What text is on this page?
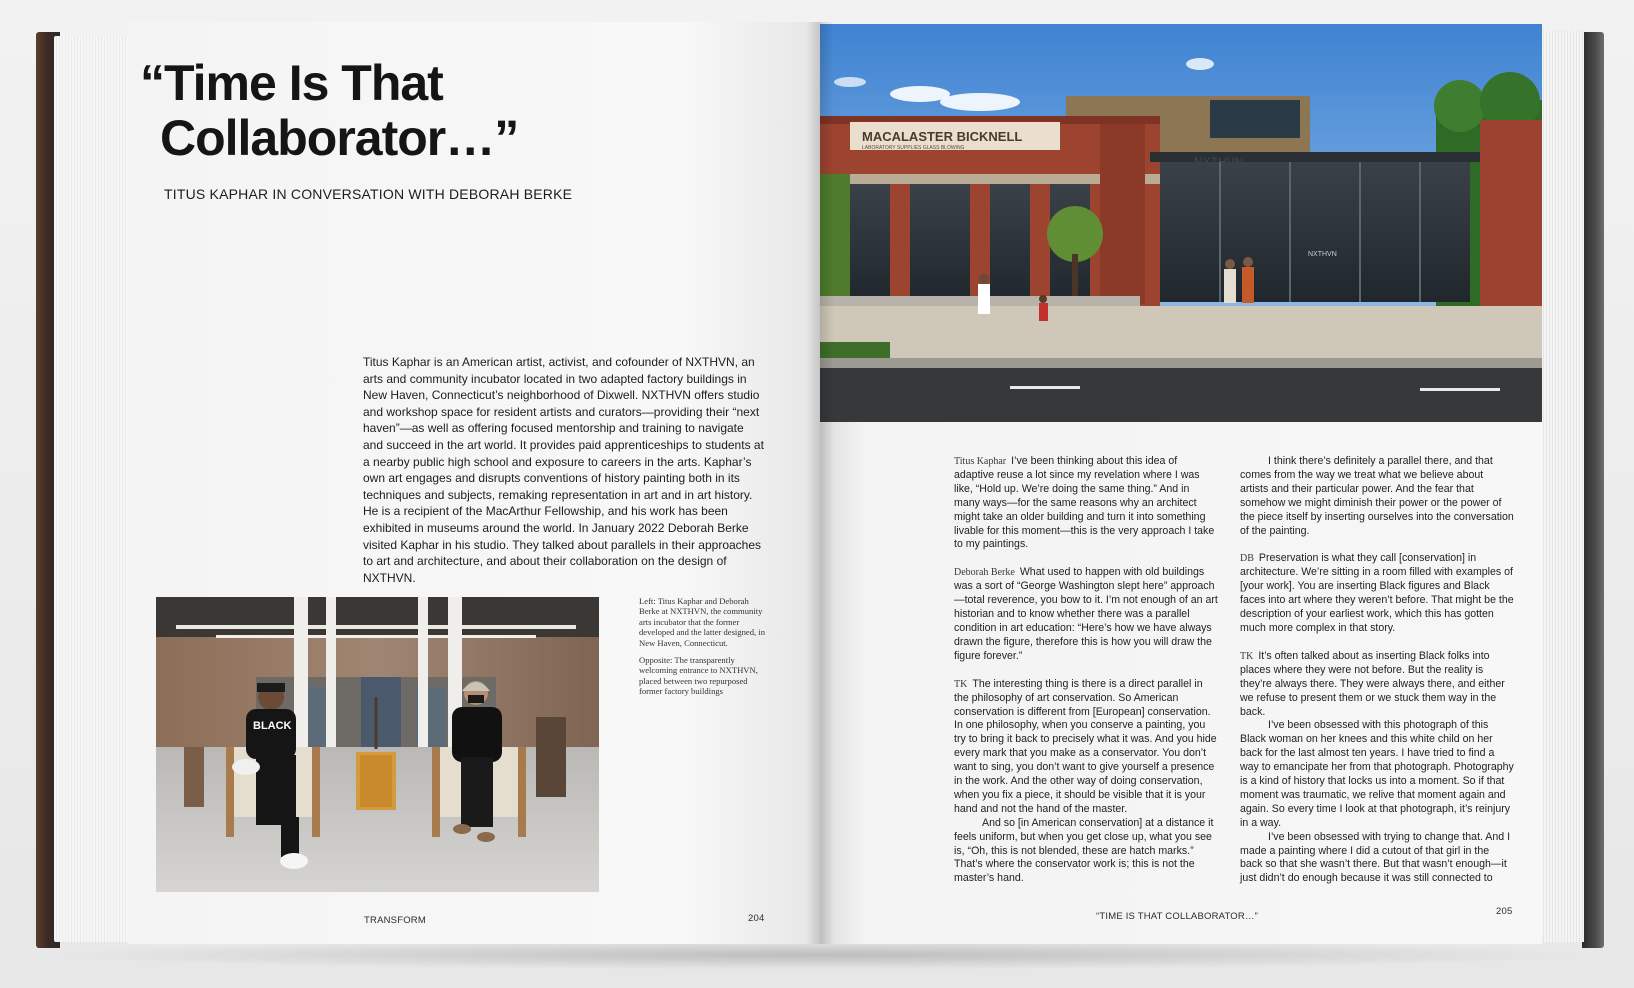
“Time Is That
Collaborator…”
TITUS KAPHAR IN CONVERSATION WITH DEBORAH BERKE

Titus Kaphar is an American artist, activist, and cofounder of NXTHVN, an arts and community incubator located in two adapted factory buildings in New Haven, Connecticut’s neighborhood of Dixwell. NXTHVN offers studio and workshop space for resident artists and curators—providing their “next haven”—as well as offering focused mentorship and training to navigate and succeed in the art world. It provides paid apprenticeships to students at a nearby public high school and exposure to careers in the arts. Kaphar’s own art engages and disrupts conventions of history painting both in its techniques and subjects, remaking representation in art and in art history. He is a recipient of the MacArthur Fellowship, and his work has been exhibited in museums around the world. In January 2022 Deborah Berke visited Kaphar in his studio. They talked about parallels in their approaches to art and architecture, and about their collaboration on the design of NXTHVN.

BLACK

Left: Titus Kaphar and Deborah Berke at NXTHVN, the community arts incubator that the former developed and the latter designed, in New Haven, Connecticut.

Opposite: The transparently welcoming entrance to NXTHVN, placed between two repurposed former factory buildings

TRANSFORM	204
MACALASTER BICKNELL
LABORATORY SUPPLIES GLASS BLOWING
NXTHVN

Titus Kaphar I’ve been thinking about this idea of adaptive reuse a lot since my revelation where I was like, “Hold up. We’re doing the same thing.” And in many ways—for the same reasons why an architect might take an older building and turn it into something livable for this moment—this is the very approach I take to my paintings.

Deborah Berke What used to happen with old buildings was a sort of “George Washington slept here” approach—total reverence, you bow to it. I’m not enough of an art historian and to know whether there was a parallel condition in art education: “Here’s how we have always drawn the figure, therefore this is how you will draw the figure forever.”

TK The interesting thing is there is a direct parallel in the philosophy of art conservation. So American conservation is different from [European] conservation. In one philosophy, when you conserve a painting, you try to bring it back to precisely what it was. And you hide every mark that you make as a conservator. You don’t want to sing, you don’t want to give yourself a presence in the work. And the other way of doing conservation, when you fix a piece, it should be visible that it is your hand and not the hand of the master.

And so [in American conservation] at a distance it feels uniform, but when you get close up, what you see is, “Oh, this is not blended, these are hatch marks.” That’s where the conservator work is; this is not the master’s hand.

I think there’s definitely a parallel there, and that comes from the way we treat what we believe about artists and their particular power. And the fear that somehow we might diminish their power or the power of the piece itself by inserting ourselves into the conversation of the painting.

DB Preservation is what they call [conservation] in architecture. We’re sitting in a room filled with examples of [your work]. You are inserting Black figures and Black faces into art where they weren’t before. That might be the description of your earliest work, which this has gotten much more complex in that story.

TK It’s often talked about as inserting Black folks into places where they were not before. But the reality is they’re always there. They were always there, and either we refuse to present them or we stuck them way in the back.

I’ve been obsessed with this photograph of this Black woman on her knees and this white child on her back for the last almost ten years. I have tried to find a way to emancipate her from that photograph. Photography is a kind of history that locks us into a moment. So if that moment was traumatic, we relive that moment again and again. So every time I look at that photograph, it’s reinjury in a way.

I’ve been obsessed with trying to change that. And I made a painting where I did a cutout of that girl in the back so that she wasn’t there. But that wasn’t enough—it just didn’t do enough because it was still connected to

“TIME IS THAT COLLABORATOR…”	205
